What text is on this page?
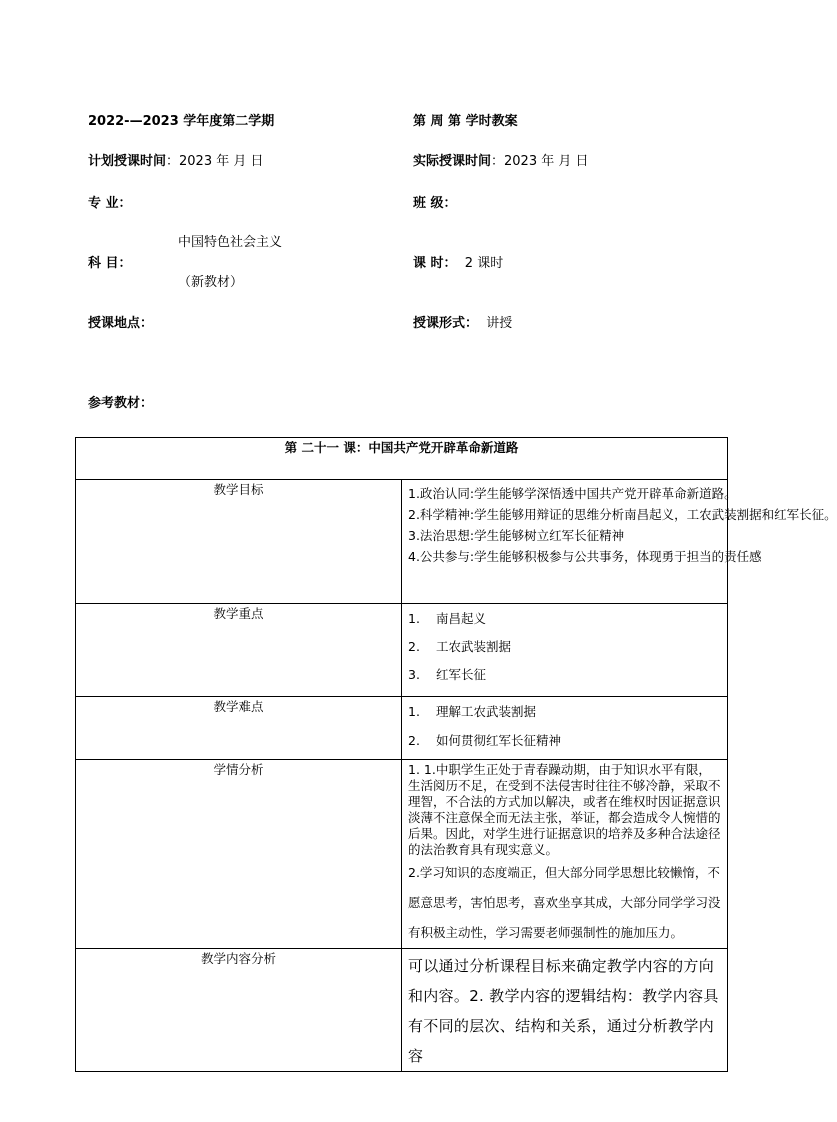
2022-—2023 学年度第二学期	第 周 第 学时教案
计划授课时间：2023 年 月 日	实际授课时间：2023 年 月 日
专 业：	班 级：
中国特色社会主义
科 目：
（新教材）
课 时： 2 课时
授课地点：	授课形式： 讲授
参考教材：
第 二十一 课：中国共产党开辟革命新道路	
教学目标	1.政治认同:学生能够学深悟透中国共产党开辟革命新道路。
2.科学精神:学生能够用辩证的思维分析南昌起义，工农武装割据和红军长征。
3.法治思想:学生能够树立红军长征精神
4.公共参与:学生能够积极参与公共事务，体现勇于担当的责任感

教学重点	1. 南昌起义
2. 工农武装割据
3. 红军长征

教学难点	1. 理解工农武装割据
2. 如何贯彻红军长征精神

学情分析	1. 1.中职学生正处于青春躁动期，由于知识水平有限，生活阅历不足，在受到不法侵害时往往不够冷静，采取不理智，不合法的方式加以解决，或者在维权时因证据意识淡薄不注意保全而无法主张，举证，都会造成令人惋惜的后果。因此，对学生进行证据意识的培养及多种合法途径的法治教育具有现实意义。
2.学习知识的态度端正，但大部分同学思想比较懒惰，不愿意思考，害怕思考，喜欢坐享其成，大部分同学学习没有积极主动性，学习需要老师强制性的施加压力。

教学内容分析	可以通过分析课程目标来确定教学内容的方向和内容。2. 教学内容的逻辑结构：教学内容具有不同的层次、结构和关系，通过分析教学内容
